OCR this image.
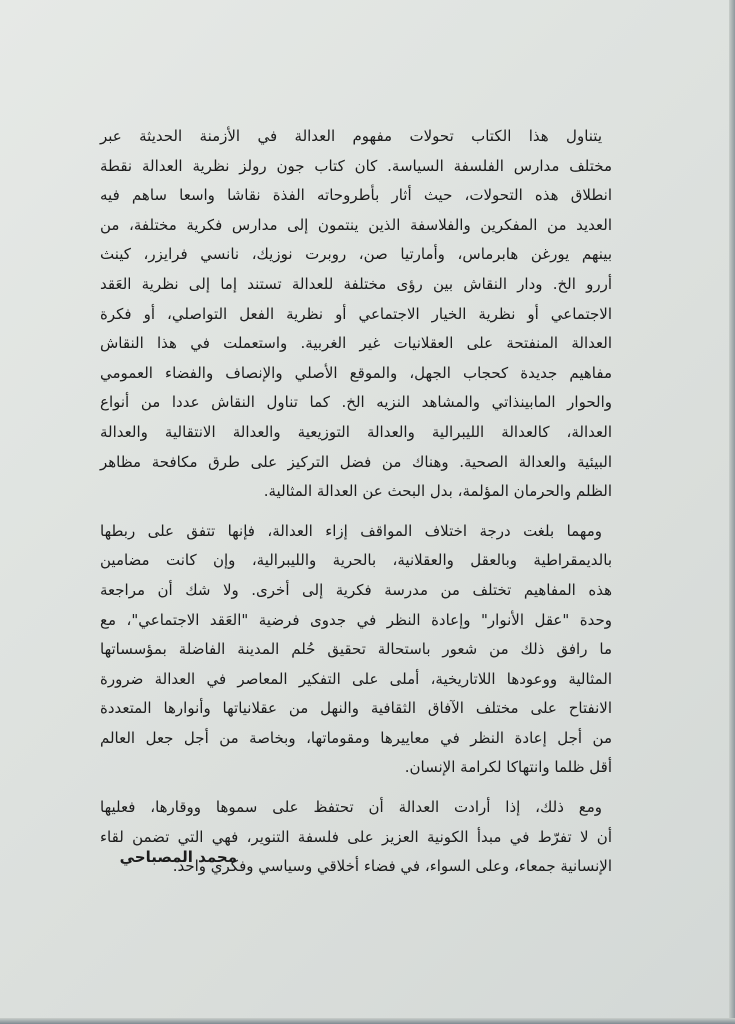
يتناول هذا الكتاب تحولات مفهوم العدالة في الأزمنة الحديثة عبر
مختلف مدارس الفلسفة السياسة. كان كتاب جون رولز نظرية العدالة نقطة
انطلاق هذه التحولات، حيث أثار بأطروحاته الفذة نقاشا واسعا ساهم فيه
العديد من المفكرين والفلاسفة الذين ينتمون إلى مدارس فكرية مختلفة، من
بينهم يورغن هابرماس، وأمارتيا صن، روبرت نوزيك، نانسي فرايزر، كينث
أررو الخ. ودار النقاش بين رؤى مختلفة للعدالة تستند إما إلى نظرية العَقد
الاجتماعي أو نظرية الخيار الاجتماعي أو نظرية الفعل التواصلي، أو فكرة
العدالة المنفتحة على العقلانيات غير الغربية. واستعملت في هذا النقاش
مفاهيم جديدة كحجاب الجهل، والموقع الأصلي والإنصاف والفضاء العمومي
والحوار المابينذاتي والمشاهد النزيه الخ. كما تناول النقاش عددا من أنواع
العدالة، كالعدالة الليبرالية والعدالة التوزيعية والعدالة الانتقالية والعدالة
البيئية والعدالة الصحية. وهناك من فضل التركيز على طرق مكافحة مظاهر
الظلم والحرمان المؤلمة، بدل البحث عن العدالة المثالية.
ومهما بلغت درجة اختلاف المواقف إزاء العدالة، فإنها تتفق على ربطها
بالديمقراطية وبالعقل والعقلانية، بالحرية والليبرالية، وإن كانت مضامين
هذه المفاهيم تختلف من مدرسة فكرية إلى أخرى. ولا شك أن مراجعة
وحدة "عقل الأنوار" وإعادة النظر في جدوى فرضية "العَقد الاجتماعي"، مع
ما رافق ذلك من شعور باستحالة تحقيق حُلم المدينة الفاضلة بمؤسساتها
المثالية ووعودها اللاتاريخية، أملى على التفكير المعاصر في العدالة ضرورة
الانفتاح على مختلف الآفاق الثقافية والنهل من عقلانياتها وأنوارها المتعددة
من أجل إعادة النظر في معاييرها ومقوماتها، وبخاصة من أجل جعل العالم
أقل ظلما وانتهاكا لكرامة الإنسان.
ومع ذلك، إذا أرادت العدالة أن تحتفظ على سموها ووقارها، فعليها
أن لا تفرّط في مبدأ الكونية العزيز على فلسفة التنوير، فهي التي تضمن لقاء
الإنسانية جمعاء، وعلى السواء، في فضاء أخلاقي وسياسي وفكري واحد.
محمد المصباحي
